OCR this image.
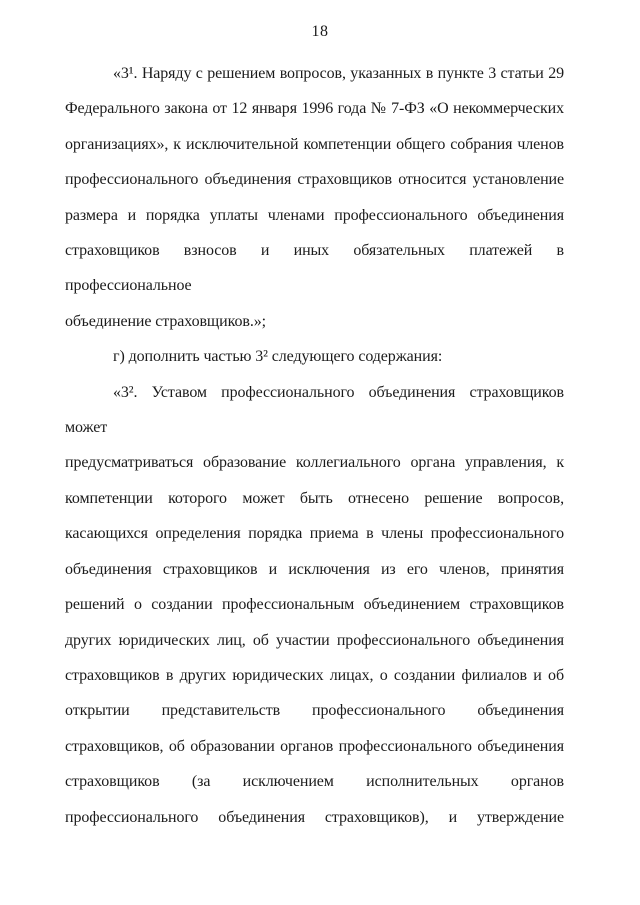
18
«3¹. Наряду с решением вопросов, указанных в пункте 3 статьи 29
Федерального закона от 12 января 1996 года № 7-ФЗ «О некоммерческих
организациях», к исключительной компетенции общего собрания членов
профессионального объединения страховщиков относится установление
размера и порядка уплаты членами профессионального объединения
страховщиков взносов и иных обязательных платежей в профессиональное
объединение страховщиков.»;
г) дополнить частью 3² следующего содержания:
«3². Уставом профессионального объединения страховщиков может
предусматриваться образование коллегиального органа управления, к
компетенции которого может быть отнесено решение вопросов,
касающихся определения порядка приема в члены профессионального
объединения страховщиков и исключения из его членов, принятия
решений о создании профессиональным объединением страховщиков
других юридических лиц, об участии профессионального объединения
страховщиков в других юридических лицах, о создании филиалов и об
открытии представительств профессионального объединения
страховщиков, об образовании органов профессионального объединения
страховщиков (за исключением исполнительных органов
профессионального объединения страховщиков), и утверждение
